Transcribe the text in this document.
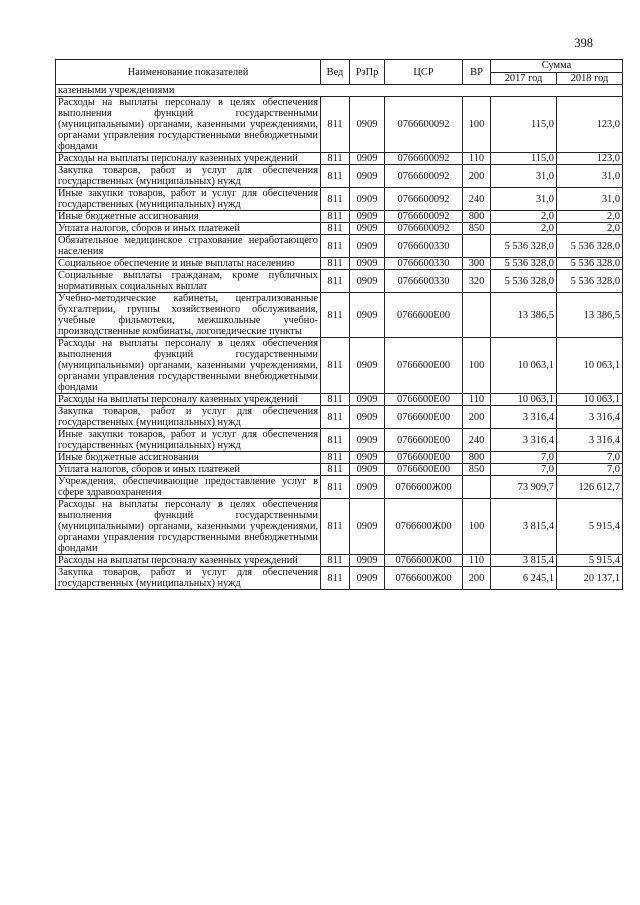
398
Наименование показателей	Вед	РзПр	ЦСР	ВР	Сумма	
					2017 год	2018 год
казенными учреждениями						
Расходы на выплаты персоналу в целях обеспечения выполнения функций государственными (муниципальными) органами, казенными учреждениями, органами управления государственными внебюджетными фондами	811	0909	0766600092	100	115,0	123,0
Расходы на выплаты персоналу казенных учреждений	811	0909	0766600092	110	115,0	123,0
Закупка товаров, работ и услуг для обеспечения государственных (муниципальных) нужд	811	0909	0766600092	200	31,0	31,0
Иные закупки товаров, работ и услуг для обеспечения государственных (муниципальных) нужд	811	0909	0766600092	240	31,0	31,0
Иные бюджетные ассигнования	811	0909	0766600092	800	2,0	2,0
Уплата налогов, сборов и иных платежей	811	0909	0766600092	850	2,0	2,0
Обязательное медицинское страхование неработающего населения	811	0909	0766600330		5 536 328,0	5 536 328,0
Социальное обеспечение и иные выплаты населению	811	0909	0766600330	300	5 536 328,0	5 536 328,0
Социальные выплаты гражданам, кроме публичных нормативных социальных выплат	811	0909	0766600330	320	5 536 328,0	5 536 328,0
Учебно-методические кабинеты, централизованные бухгалтерии, группы хозяйственного обслуживания, учебные фильмотеки, межшкольные учебно-производственные комбинаты, логопедические пункты	811	0909	0766600Е00		13 386,5	13 386,5
Расходы на выплаты персоналу в целях обеспечения выполнения функций государственными (муниципальными) органами, казенными учреждениями, органами управления государственными внебюджетными фондами	811	0909	0766600Е00	100	10 063,1	10 063,1
Расходы на выплаты персоналу казенных учреждений	811	0909	0766600Е00	110	10 063,1	10 063,1
Закупка товаров, работ и услуг для обеспечения государственных (муниципальных) нужд	811	0909	0766600Е00	200	3 316,4	3 316,4
Иные закупки товаров, работ и услуг для обеспечения государственных (муниципальных) нужд	811	0909	0766600Е00	240	3 316,4	3 316,4
Иные бюджетные ассигнования	811	0909	0766600Е00	800	7,0	7,0
Уплата налогов, сборов и иных платежей	811	0909	0766600Е00	850	7,0	7,0
Учреждения, обеспечивающие предоставление услуг в сфере здравоохранения	811	0909	0766600Ж00		73 909,7	126 612,7
Расходы на выплаты персоналу в целях обеспечения выполнения функций государственными (муниципальными) органами, казенными учреждениями, органами управления государственными внебюджетными фондами	811	0909	0766600Ж00	100	3 815,4	5 915,4
Расходы на выплаты персоналу казенных учреждений	811	0909	0766600Ж00	110	3 815,4	5 915,4
Закупка товаров, работ и услуг для обеспечения государственных (муниципальных) нужд	811	0909	0766600Ж00	200	6 245,1	20 137,1
